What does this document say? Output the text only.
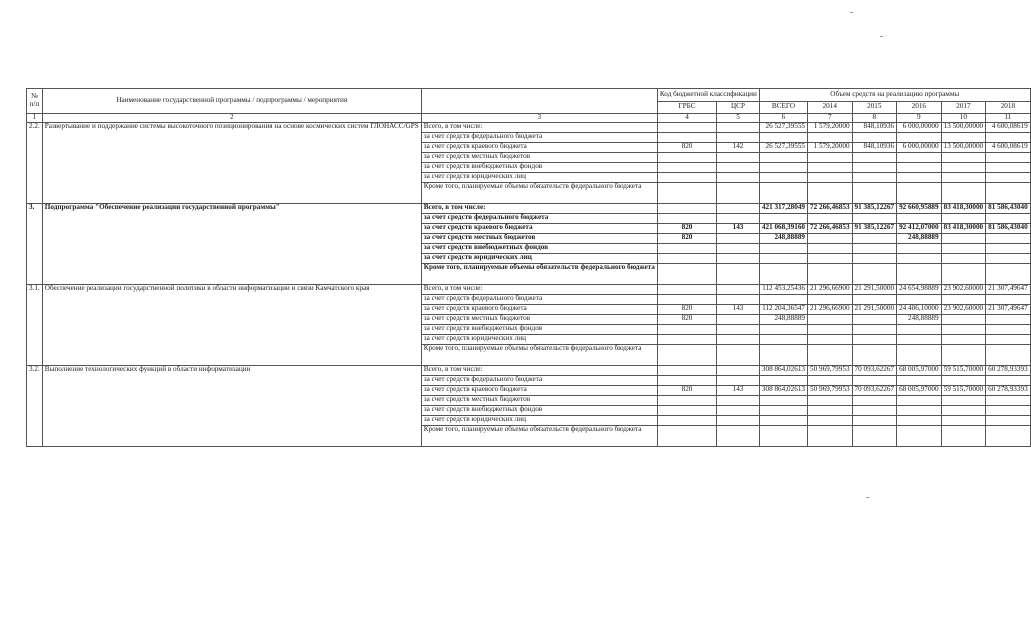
№
п/п	Наименование государственной программы / подпрограммы / мероприятия		Код бюджетной классификации		Объем средств на реализацию программы					
			ГРБС	ЦСР	ВСЕГО	2014	2015	2016	2017	2018
1	2	3	4	5	6	7	8	9	10	11
2.2.	Развертывание и поддержание системы высокоточного позиционирования на основе космических систем ГЛОНАСС/GPS	Всего, в том числе:			26 527,39555	1 579,20000	848,10936	6 000,00000	13 500,00000	4 600,08619
		за счет средств федерального бюджета								
		за счет средств краевого бюджета	820	142	26 527,39555	1 579,20000	848,10936	6 000,00000	13 500,00000	4 600,08619
		за счет средств местных бюджетов								
		за счет средств внебюджетных фондов								
		за счет средств юридических лиц								
		Кроме того, планируемые объемы обязательств федерального бюджета								
3.	Подпрограмма "Обеспечение реализации государственной программы"	Всего, в том числе:			421 317,28049	72 266,46853	91 385,12267	92 660,95889	83 418,30000	81 586,43040
		за счет средств федерального бюджета								
		за счет средств краевого бюджета	820	143	421 068,39160	72 266,46853	91 385,12267	92 412,07000	83 418,30000	81 586,43040
		за счет средств местных бюджетов	820		248,88889			248,88889		
		за счет средств внебюджетных фондов								
		за счет средств юридических лиц								
		Кроме того, планируемые объемы обязательств федерального бюджета								
3.1.	Обеспечение реализации государственной политики в области информатизации и связи Камчатского края	Всего, в том числе:			112 453,25436	21 296,66900	21 291,50000	24 654,98889	23 902,60000	21 307,49647
		за счет средств федерального бюджета								
		за счет средств краевого бюджета	820	143	112 204,36547	21 296,66900	21 291,50000	24 406,10000	23 902,60000	21 307,49647
		за счет средств местных бюджетов	820		248,88889			248,88889		
		за счет средств внебюджетных фондов								
		за счет средств юридических лиц								
		Кроме того, планируемые объемы обязательств федерального бюджета								
3.2.	Выполнение технологических функций в области информатизации	Всего, в том числе:			308 864,02613	50 969,79953	70 093,62267	68 005,97000	59 515,70000	60 278,93393
		за счет средств федерального бюджета								
		за счет средств краевого бюджета	820	143	308 864,02613	50 969,79953	70 093,62267	68 005,97000	59 515,70000	60 278,93393
		за счет средств местных бюджетов								
		за счет средств внебюджетных фондов								
		за счет средств юридических лиц								
		Кроме того, планируемые объемы обязательств федерального бюджета								
